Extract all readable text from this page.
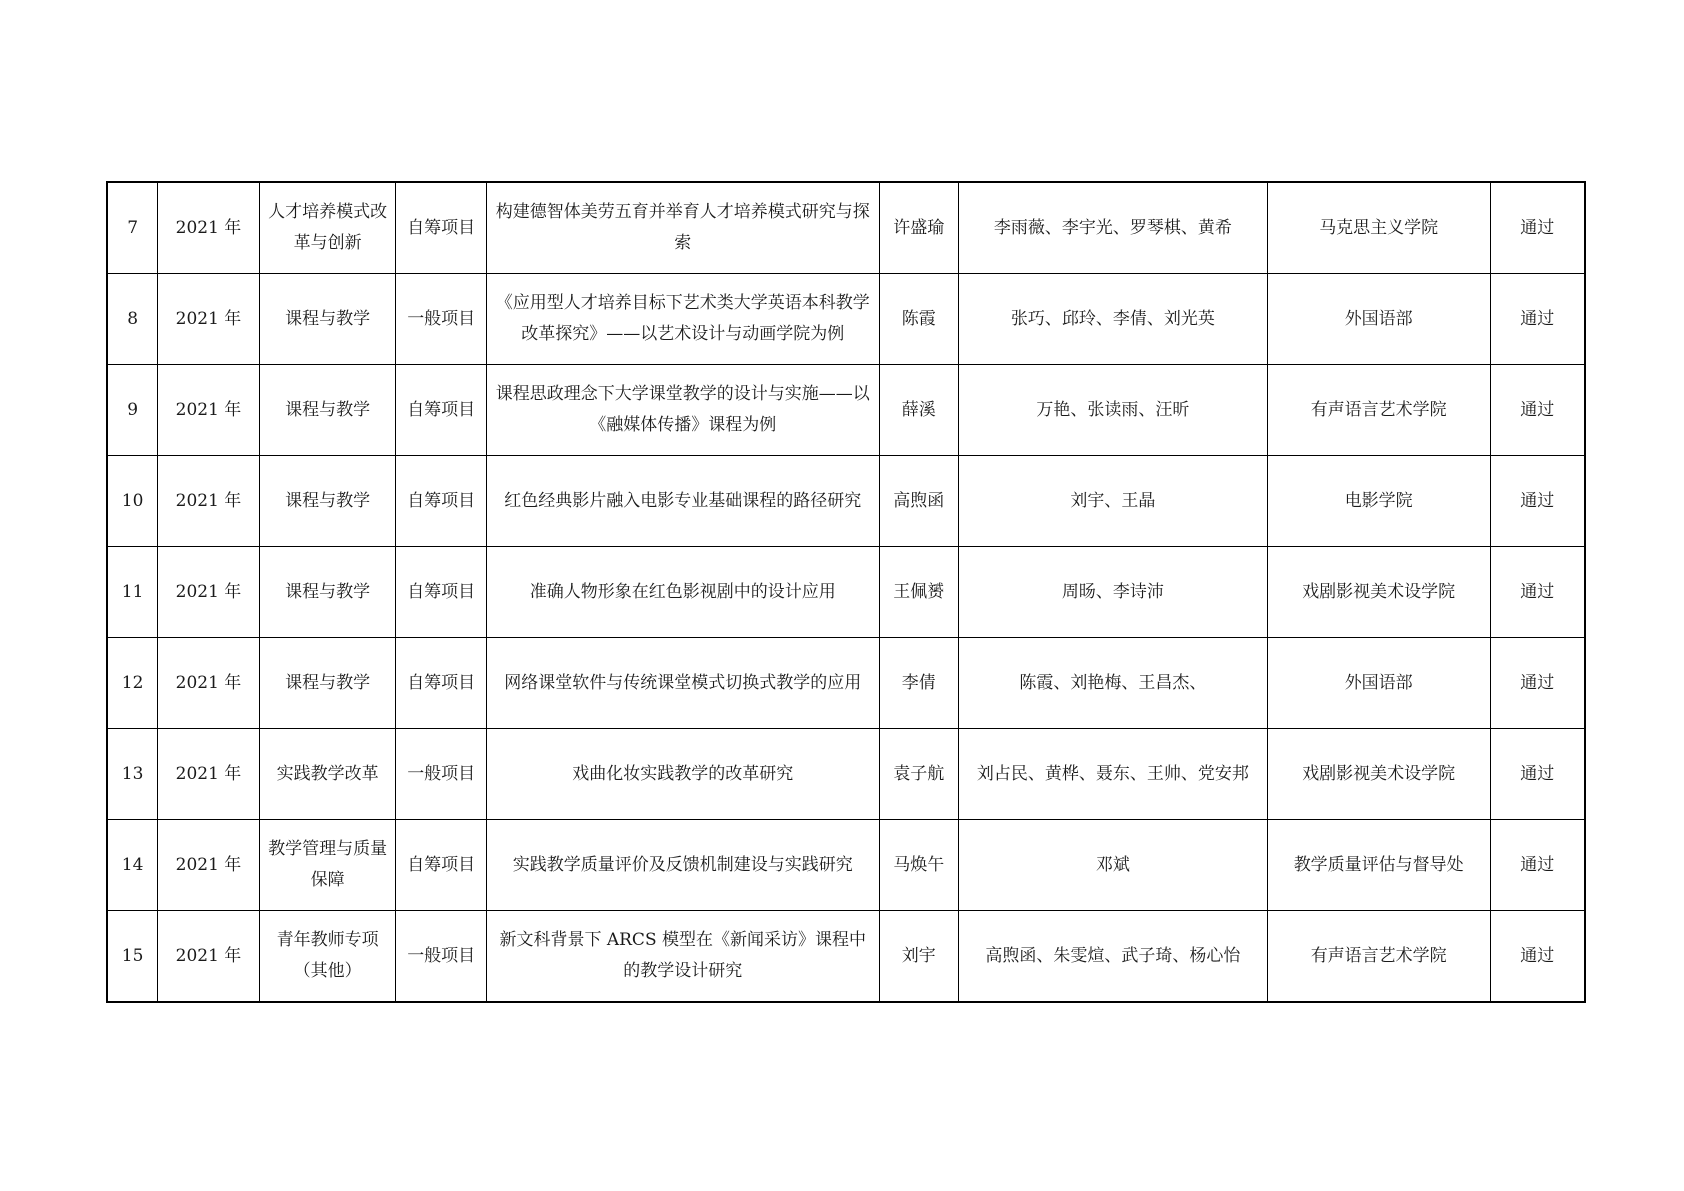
7	2021 年	人才培养模式改革与创新	自筹项目	构建德智体美劳五育并举育人才培养模式研究与探索	许盛瑜	李雨薇、李宇光、罗琴棋、黄希	马克思主义学院	通过
8	2021 年	课程与教学	一般项目	《应用型人才培养目标下艺术类大学英语本科教学改革探究》——以艺术设计与动画学院为例	陈霞	张巧、邱玲、李倩、刘光英	外国语部	通过
9	2021 年	课程与教学	自筹项目	课程思政理念下大学课堂教学的设计与实施——以《融媒体传播》课程为例	薛溪	万艳、张读雨、汪昕	有声语言艺术学院	通过
10	2021 年	课程与教学	自筹项目	红色经典影片融入电影专业基础课程的路径研究	高煦函	刘宇、王晶	电影学院	通过
11	2021 年	课程与教学	自筹项目	准确人物形象在红色影视剧中的设计应用	王佩赟	周旸、李诗沛	戏剧影视美术设学院	通过
12	2021 年	课程与教学	自筹项目	网络课堂软件与传统课堂模式切换式教学的应用	李倩	陈霞、刘艳梅、王昌杰、	外国语部	通过
13	2021 年	实践教学改革	一般项目	戏曲化妆实践教学的改革研究	袁子航	刘占民、黄桦、聂东、王帅、党安邦	戏剧影视美术设学院	通过
14	2021 年	教学管理与质量保障	自筹项目	实践教学质量评价及反馈机制建设与实践研究	马焕午	邓斌	教学质量评估与督导处	通过
15	2021 年	青年教师专项（其他）	一般项目	新文科背景下 ARCS 模型在《新闻采访》课程中的教学设计研究	刘宇	高煦函、朱雯煊、武子琦、杨心怡	有声语言艺术学院	通过
